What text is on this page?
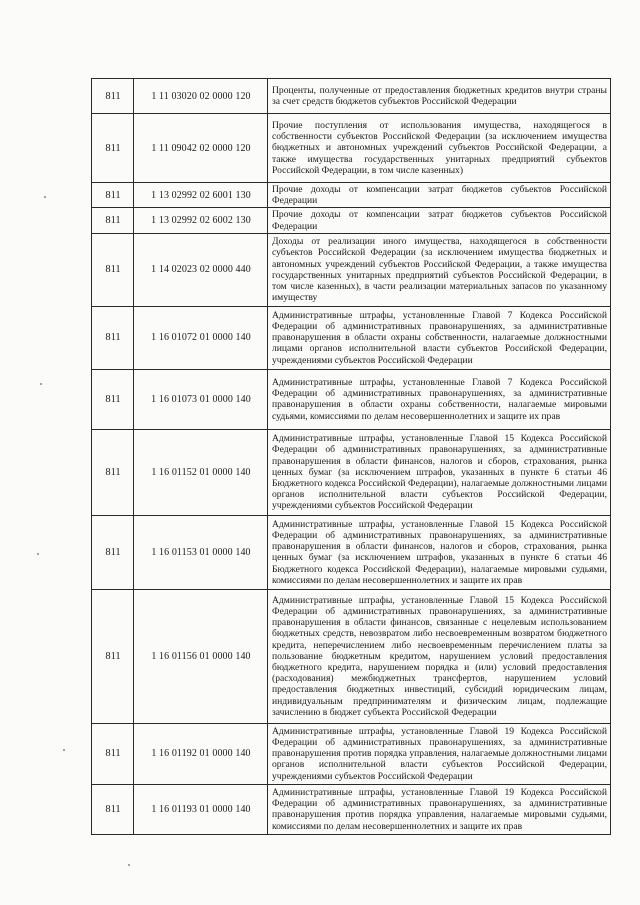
811	1 11 03020 02 0000 120	Проценты, полученные от предоставления бюджетных кредитов внутри страны за счет средств бюджетов субъектов Российской Федерации
811	1 11 09042 02 0000 120	Прочие поступления от использования имущества, находящегося в собственности субъектов Российской Федерации (за исключением имущества бюджетных и автономных учреждений субъектов Российской Федерации, а также имущества государственных унитарных предприятий субъектов Российской Федерации, в том числе казенных)
811	1 13 02992 02 6001 130	Прочие доходы от компенсации затрат бюджетов субъектов Российской Федерации
811	1 13 02992 02 6002 130	Прочие доходы от компенсации затрат бюджетов субъектов Российской Федерации
811	1 14 02023 02 0000 440	Доходы от реализации иного имущества, находящегося в собственности субъектов Российской Федерации (за исключением имущества бюджетных и автономных учреждений субъектов Российской Федерации, а также имущества государственных унитарных предприятий субъектов Российской Федерации, в том числе казенных), в части реализации материальных запасов по указанному имуществу
811	1 16 01072 01 0000 140	Административные штрафы, установленные Главой 7 Кодекса Российской Федерации об административных правонарушениях, за административные правонарушения в области охраны собственности, налагаемые должностными лицами органов исполнительной власти субъектов Российской Федерации, учреждениями субъектов Российской Федерации
811	1 16 01073 01 0000 140	Административные штрафы, установленные Главой 7 Кодекса Российской Федерации об административных правонарушениях, за административные правонарушения в области охраны собственности, налагаемые мировыми судьями, комиссиями по делам несовершеннолетних и защите их прав
811	1 16 01152 01 0000 140	Административные штрафы, установленные Главой 15 Кодекса Российской Федерации об административных правонарушениях, за административные правонарушения в области финансов, налогов и сборов, страхования, рынка ценных бумаг (за исключением штрафов, указанных в пункте 6 статьи 46 Бюджетного кодекса Российской Федерации), налагаемые должностными лицами органов исполнительной власти субъектов Российской Федерации, учреждениями субъектов Российской Федерации
811	1 16 01153 01 0000 140	Административные штрафы, установленные Главой 15 Кодекса Российской Федерации об административных правонарушениях, за административные правонарушения в области финансов, налогов и сборов, страхования, рынка ценных бумаг (за исключением штрафов, указанных в пункте 6 статьи 46 Бюджетного кодекса Российской Федерации), налагаемые мировыми судьями, комиссиями по делам несовершеннолетних и защите их прав
811	1 16 01156 01 0000 140	Административные штрафы, установленные Главой 15 Кодекса Российской Федерации об административных правонарушениях, за административные правонарушения в области финансов, связанные с нецелевым использованием бюджетных средств, невозвратом либо несвоевременным возвратом бюджетного кредита, неперечислением либо несвоевременным перечислением платы за пользование бюджетным кредитом, нарушением условий предоставления бюджетного кредита, нарушением порядка и (или) условий предоставления (расходования) межбюджетных трансфертов, нарушением условий предоставления бюджетных инвестиций, субсидий юридическим лицам, индивидуальным предпринимателям и физическим лицам, подлежащие зачислению в бюджет субъекта Российской Федерации
811	1 16 01192 01 0000 140	Административные штрафы, установленные Главой 19 Кодекса Российской Федерации об административных правонарушениях, за административные правонарушения против порядка управления, налагаемые должностными лицами органов исполнительной власти субъектов Российской Федерации, учреждениями субъектов Российской Федерации
811	1 16 01193 01 0000 140	Административные штрафы, установленные Главой 19 Кодекса Российской Федерации об административных правонарушениях, за административные правонарушения против порядка управления, налагаемые мировыми судьями, комиссиями по делам несовершеннолетних и защите их прав
